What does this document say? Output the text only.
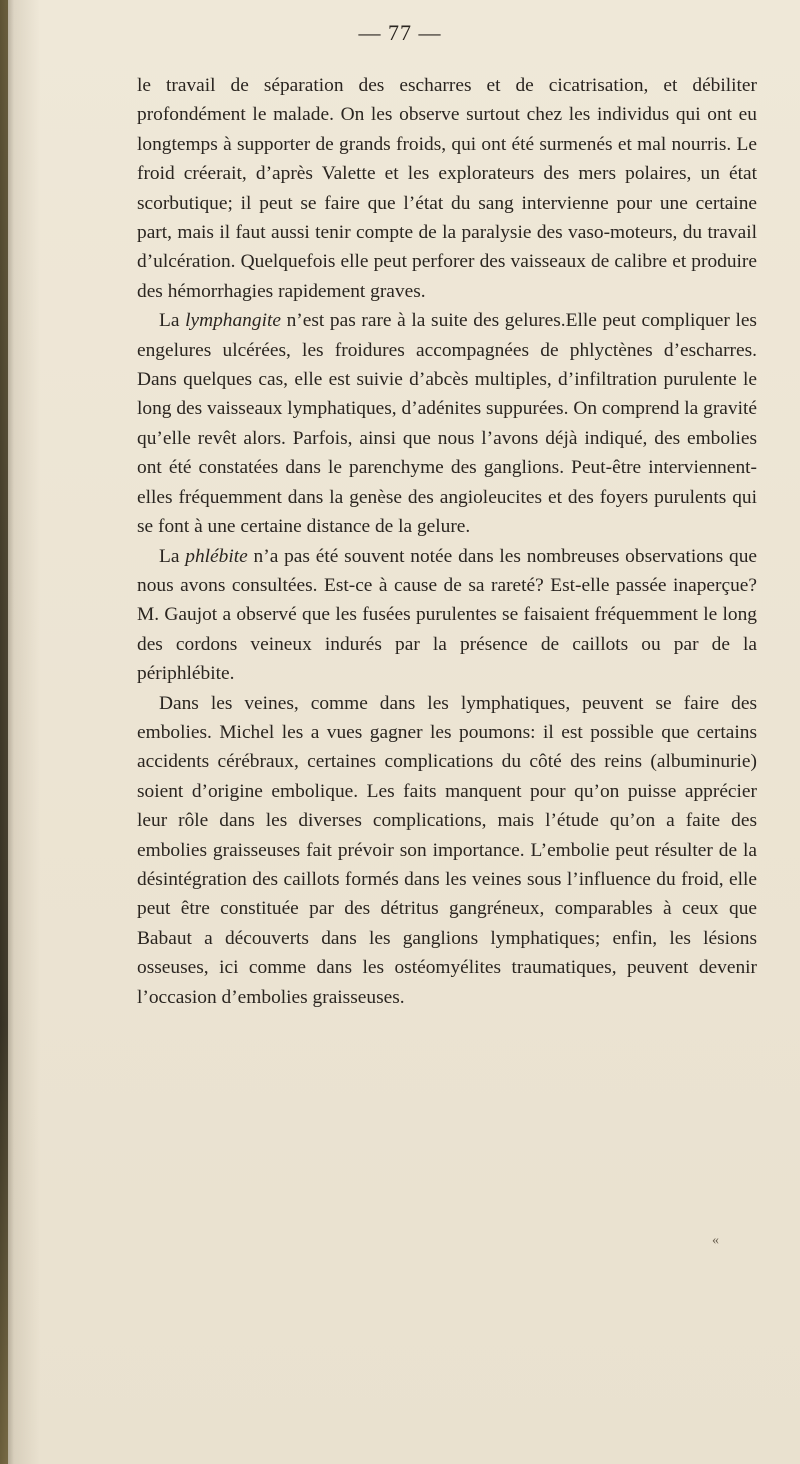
— 77 —

le travail de séparation des escharres et de cicatrisation, et débiliter profondément le malade. On les observe surtout chez les individus qui ont eu longtemps à supporter de grands froids, qui ont été surmenés et mal nourris. Le froid créerait, d’après Valette et les explorateurs des mers polaires, un état scorbutique; il peut se faire que l’état du sang intervienne pour une certaine part, mais il faut aussi tenir compte de la paralysie des vaso-moteurs, du travail d’ulcération. Quelquefois elle peut perforer des vaisseaux de calibre et produire des hémorrhagies rapidement graves.

La lymphangite n’est pas rare à la suite des gelures.Elle peut compliquer les engelures ulcérées, les froidures accompagnées de phlyctènes d’escharres. Dans quelques cas, elle est suivie d’abcès multiples, d’infiltration purulente le long des vaisseaux lymphatiques, d’adénites suppurées. On comprend la gravité qu’elle revêt alors. Parfois, ainsi que nous l’avons déjà indiqué, des embolies ont été constatées dans le parenchyme des ganglions. Peut-être interviennent-elles fréquemment dans la genèse des angioleucites et des foyers purulents qui se font à une certaine distance de la gelure.

La phlébite n’a pas été souvent notée dans les nombreuses observations que nous avons consultées. Est-ce à cause de sa rareté? Est-elle passée inaperçue? M. Gaujot a observé que les fusées purulentes se faisaient fréquemment le long des cordons veineux indurés par la présence de caillots ou par de la périphlébite.

Dans les veines, comme dans les lymphatiques, peuvent se faire des embolies. Michel les a vues gagner les poumons: il est possible que certains accidents cérébraux, certaines complications du côté des reins (albuminurie) soient d’origine embolique. Les faits manquent pour qu’on puisse apprécier leur rôle dans les diverses complications, mais l’étude qu’on a faite des embolies graisseuses fait prévoir son importance. L’embolie peut résulter de la désintégration des caillots formés dans les veines sous l’influence du froid, elle peut être constituée par des détritus gangréneux, comparables à ceux que Babaut a découverts dans les ganglions lymphatiques; enfin, les lésions osseuses, ici comme dans les ostéomyélites traumatiques, peuvent devenir l’occasion d’embolies graisseuses.

«
